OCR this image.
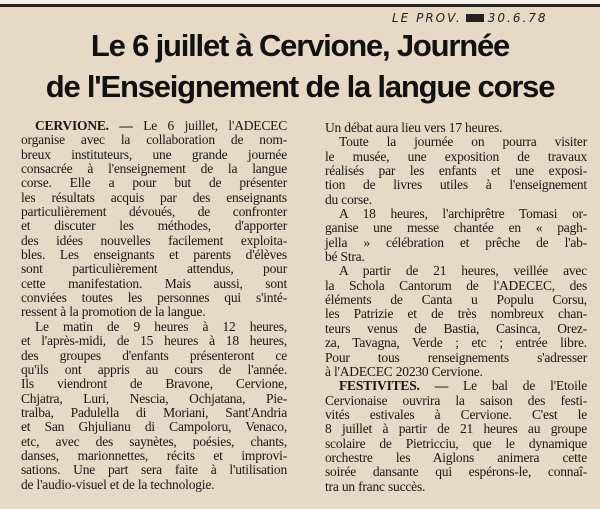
LE PROV. 30.6.78
Le 6 juillet à Cervione, Journée
de l'Enseignement de la langue corse
CERVIONE. — Le 6 juillet, l'ADECEC
organise avec la collaboration de nom-
breux instituteurs, une grande journée
consacrée à l'enseignement de la langue
corse. Elle a pour but de présenter
les résultats acquis par des enseignants
particulièrement dévoués, de confronter
et discuter les méthodes, d'apporter
des idées nouvelles facilement exploita-
bles. Les enseignants et parents d'élèves
sont particulièrement attendus, pour
cette manifestation. Mais aussi, sont
conviées toutes les personnes qui s'inté-
ressent à la promotion de la langue.
Le matin de 9 heures à 12 heures,
et l'après-midi, de 15 heures à 18 heures,
des groupes d'enfants présenteront ce
qu'ils ont appris au cours de l'année.
Ils viendront de Bravone, Cervione,
Chjatra, Luri, Nescia, Ochjatana, Pie-
tralba, Padulella di Moriani, Sant'Andria
et San Ghjulianu di Campoloru, Venaco,
etc, avec des saynètes, poésies, chants,
danses, marionnettes, récits et improvi-
sations. Une part sera faite à l'utilisation
de l'audio-visuel et de la technologie.
Un débat aura lieu vers 17 heures.
Toute la journée on pourra visiter
le musée, une exposition de travaux
réalisés par les enfants et une exposi-
tion de livres utiles à l'enseignement
du corse.
A 18 heures, l'archiprêtre Tomasi or-
ganise une messe chantée en « pagh-
jella » célébration et prêche de l'ab-
bé Stra.
A partir de 21 heures, veillée avec
la Schola Cantorum de l'ADECEC, des
éléments de Canta u Populu Corsu,
les Patrizie et de très nombreux chan-
teurs venus de Bastia, Casinca, Orez-
za, Tavagna, Verde ; etc ; entrée libre.
Pour tous renseignements s'adresser
à l'ADECEC 20230 Cervione.
FESTIVITES. — Le bal de l'Etoile
Cervionaise ouvrira la saison des festi-
vités estivales à Cervione. C'est le
8 juillet à partir de 21 heures au groupe
scolaire de Pietricciu, que le dynamique
orchestre les Aiglons animera cette
soirée dansante qui espérons-le, connaî-
tra un franc succès.
